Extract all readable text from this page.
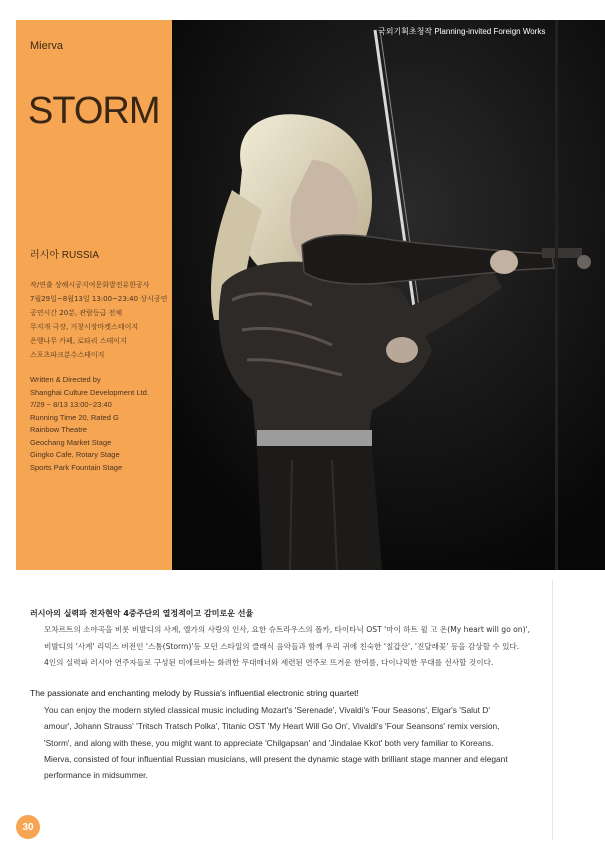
Mierva
STORM
러시아 RUSSIA
작/연출 상해시공지여문화발전유한공사
7월29일~8월13일 13:00~23:40 상시공연
공연시간 20분, 관람등급 전체
무지개 극장, 거창시장마켓스테이지
은행나무 카페, 로타리 스테이지
스포츠파크분수스테이지
Written & Directed by
Shanghai Culture Development Ltd.
7/29 ~ 8/13 13:00~23:40
Running Time 20, Rated G
Rainbow Theatre
Geochang Market Stage
Gingko Cafe, Rotary Stage
Sports Park Fountain Stage
국외기획초청작 Planning-invited Foreign Works
러시아의 실력파 전자현악 4중주단의 열정적이고 감미로운 선율
모차르트의 소야곡을 비롯 비발디의 사계, 엘가의 사랑의 인사, 요한 슈트라우스의 폴카, 타이타닉 OST '마이 하트 윌 고 온(My heart will go on)',
비발디의 '사계' 리믹스 버전인 '스톰(Storm)'등 모던 스타일의 클래식 음악들과 함께 우리 귀에 친숙한 '칠갑산', '진달래꽃' 등을 감상할 수 있다.
4인의 실력파 러시아 연주자들로 구성된 미에르바는 화려한 무대매너와 세련된 연주로 뜨거운 한여름, 다이나믹한 무대를 선사할 것이다.
The passionate and enchanting melody by Russia's influential electronic string quartet!
You can enjoy the modern styled classical music including Mozart's 'Serenade', Vivaldi's 'Four Seasons', Elgar's 'Salut D'
amour', Johann Strauss' 'Tritsch Tratsch Polka', Titanic OST 'My Heart Will Go On', Vivaldi's 'Four Seansons' remix version,
'Storm', and along with these, you might want to appreciate 'Chilgapsan' and 'Jindalae Kkot' both very familiar to Koreans.
Mierva, consisted of four influential Russian musicians, will present the dynamic stage with brilliant stage manner and elegant
performance in midsummer.
30
